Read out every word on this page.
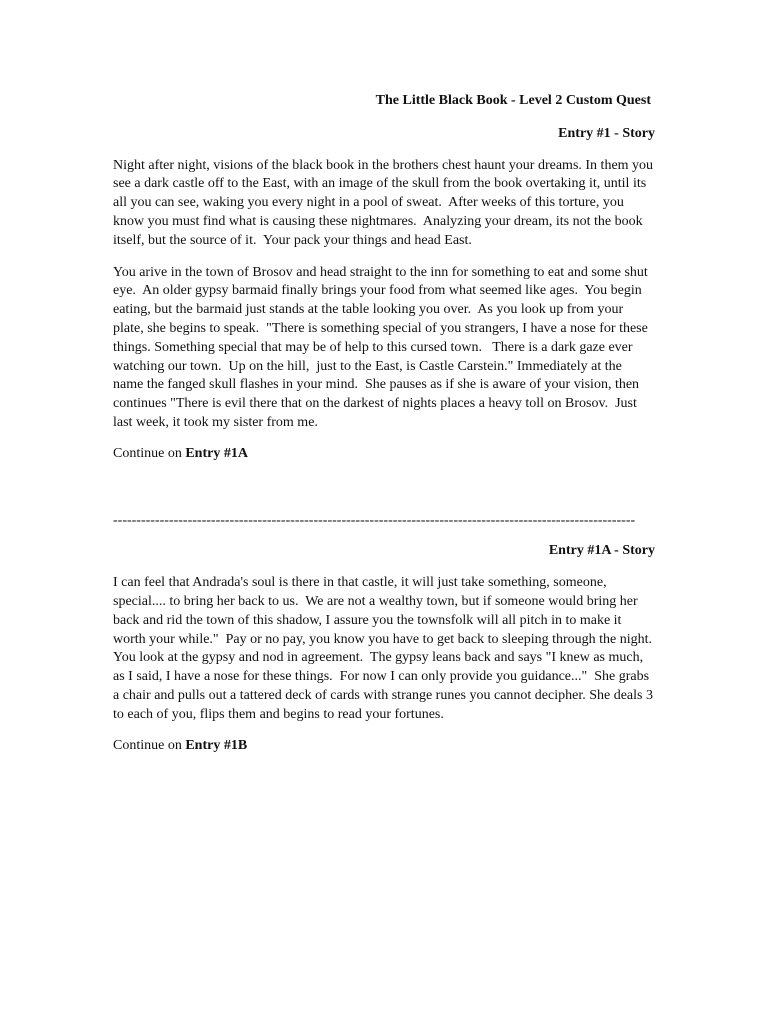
The Little Black Book - Level 2 Custom Quest
Entry #1 - Story

Night after night, visions of the black book in the brothers chest haunt your dreams. In them you see a dark castle off to the East, with an image of the skull from the book overtaking it, until its all you can see, waking you every night in a pool of sweat.  After weeks of this torture, you know you must find what is causing these nightmares.  Analyzing your dream, its not the book itself, but the source of it.  Your pack your things and head East.

You arive in the town of Brosov and head straight to the inn for something to eat and some shut eye.  An older gypsy barmaid finally brings your food from what seemed like ages.  You begin eating, but the barmaid just stands at the table looking you over.  As you look up from your plate, she begins to speak.  "There is something special of you strangers, I have a nose for these things. Something special that may be of help to this cursed town.   There is a dark gaze ever watching our town.  Up on the hill,  just to the East, is Castle Carstein." Immediately at the name the fanged skull flashes in your mind.  She pauses as if she is aware of your vision, then continues "There is evil there that on the darkest of nights places a heavy toll on Brosov.  Just last week, it took my sister from me.

Continue on Entry #1A
----------------------------------------------------------------------------------------------------------------
Entry #1A - Story

I can feel that Andrada's soul is there in that castle, it will just take something, someone, special.... to bring her back to us.  We are not a wealthy town, but if someone would bring her back and rid the town of this shadow, I assure you the townsfolk will all pitch in to make it worth your while."  Pay or no pay, you know you have to get back to sleeping through the night.  You look at the gypsy and nod in agreement.  The gypsy leans back and says "I knew as much, as I said, I have a nose for these things.  For now I can only provide you guidance..."  She grabs a chair and pulls out a tattered deck of cards with strange runes you cannot decipher. She deals 3 to each of you, flips them and begins to read your fortunes.

Continue on Entry #1B
